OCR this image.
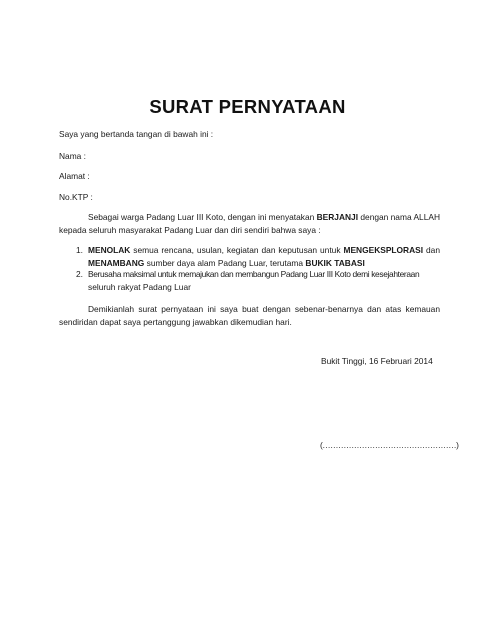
SURAT PERNYATAAN
Saya yang bertanda tangan di bawah ini :
Nama :
Alamat :
No.KTP :
Sebagai warga Padang Luar III Koto, dengan ini menyatakan BERJANJI dengan nama ALLAH
kepada seluruh masyarakat Padang Luar dan diri sendiri bahwa saya :
1. MENOLAK semua rencana, usulan, kegiatan dan keputusan untuk MENGEKSPLORASI dan
MENAMBANG sumber daya alam Padang Luar, terutama BUKIK TABASI
2. Berusaha maksimal untuk memajukan dan membangun Padang Luar III Koto demi kesejahteraan
seluruh rakyat Padang Luar
Demikianlah surat pernyataan ini saya buat dengan sebenar-benarnya dan atas kemauan
sendiridan dapat saya pertanggung jawabkan dikemudian hari.
Bukit Tinggi, 16 Februari 2014
(……………………………………………)
